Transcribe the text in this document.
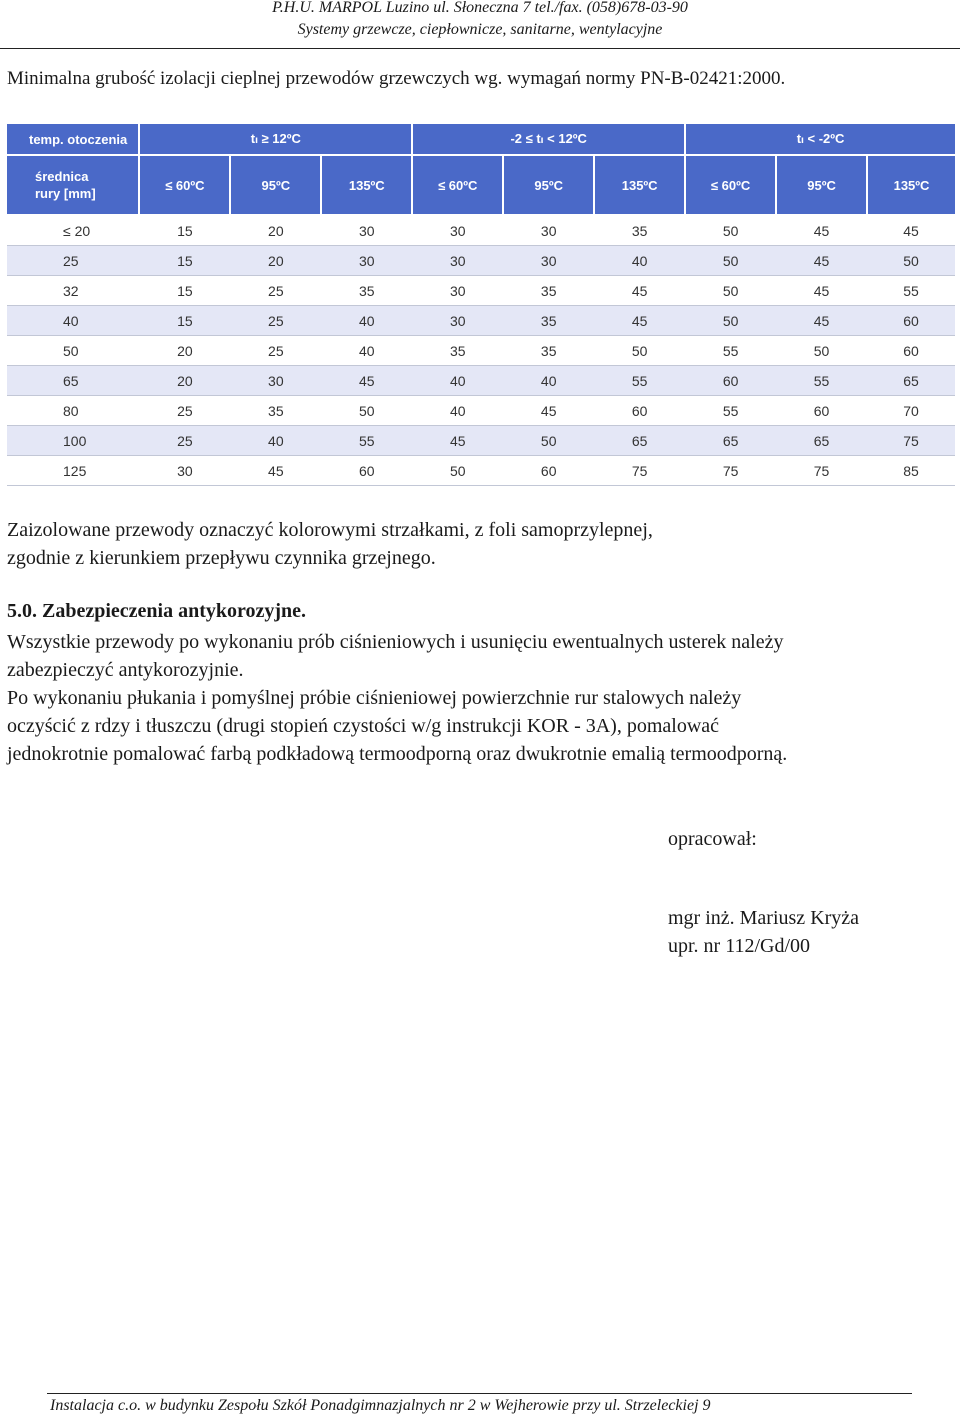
P.H.U. MARPOL Luzino ul. Słoneczna 7 tel./fax. (058)678-03-90
Systemy grzewcze, ciepłownicze, sanitarne, wentylacyjne
Minimalna grubość izolacji cieplnej przewodów grzewczych wg. wymagań normy PN-B-02421:2000.
temp. otoczenia	tₗ ≥ 12ºC			-2 ≤ tₗ < 12ºC			tₗ < -2ºC		
średnica
rury [mm]	≤ 60ºC	95ºC	135ºC	≤ 60ºC	95ºC	135ºC	≤ 60ºC	95ºC	135ºC
≤ 20	15	20	30	30	30	35	50	45	45
25	15	20	30	30	30	40	50	45	50
32	15	25	35	30	35	45	50	45	55
40	15	25	40	30	35	45	50	45	60
50	20	25	40	35	35	50	55	50	60
65	20	30	45	40	40	55	60	55	65
80	25	35	50	40	45	60	55	60	70
100	25	40	55	45	50	65	65	65	75
125	30	45	60	50	60	75	75	75	85
Zaizolowane przewody oznaczyć kolorowymi strzałkami, z foli samoprzylepnej,
zgodnie z kierunkiem przepływu czynnika grzejnego.
5.0. Zabezpieczenia antykorozyjne.
Wszystkie przewody po wykonaniu prób ciśnieniowych i usunięciu ewentualnych usterek należy
zabezpieczyć antykorozyjnie.
Po wykonaniu płukania i pomyślnej próbie ciśnieniowej powierzchnie rur stalowych należy
oczyścić z rdzy i tłuszczu (drugi stopień czystości w/g instrukcji KOR - 3A), pomalować
jednokrotnie pomalować farbą podkładową termoodporną oraz dwukrotnie emalią termoodporną.
opracował:
mgr inż. Mariusz Kryża
upr. nr 112/Gd/00
Instalacja c.o. w budynku Zespołu Szkół Ponadgimnazjalnych nr 2 w Wejherowie przy ul. Strzeleckiej 9
